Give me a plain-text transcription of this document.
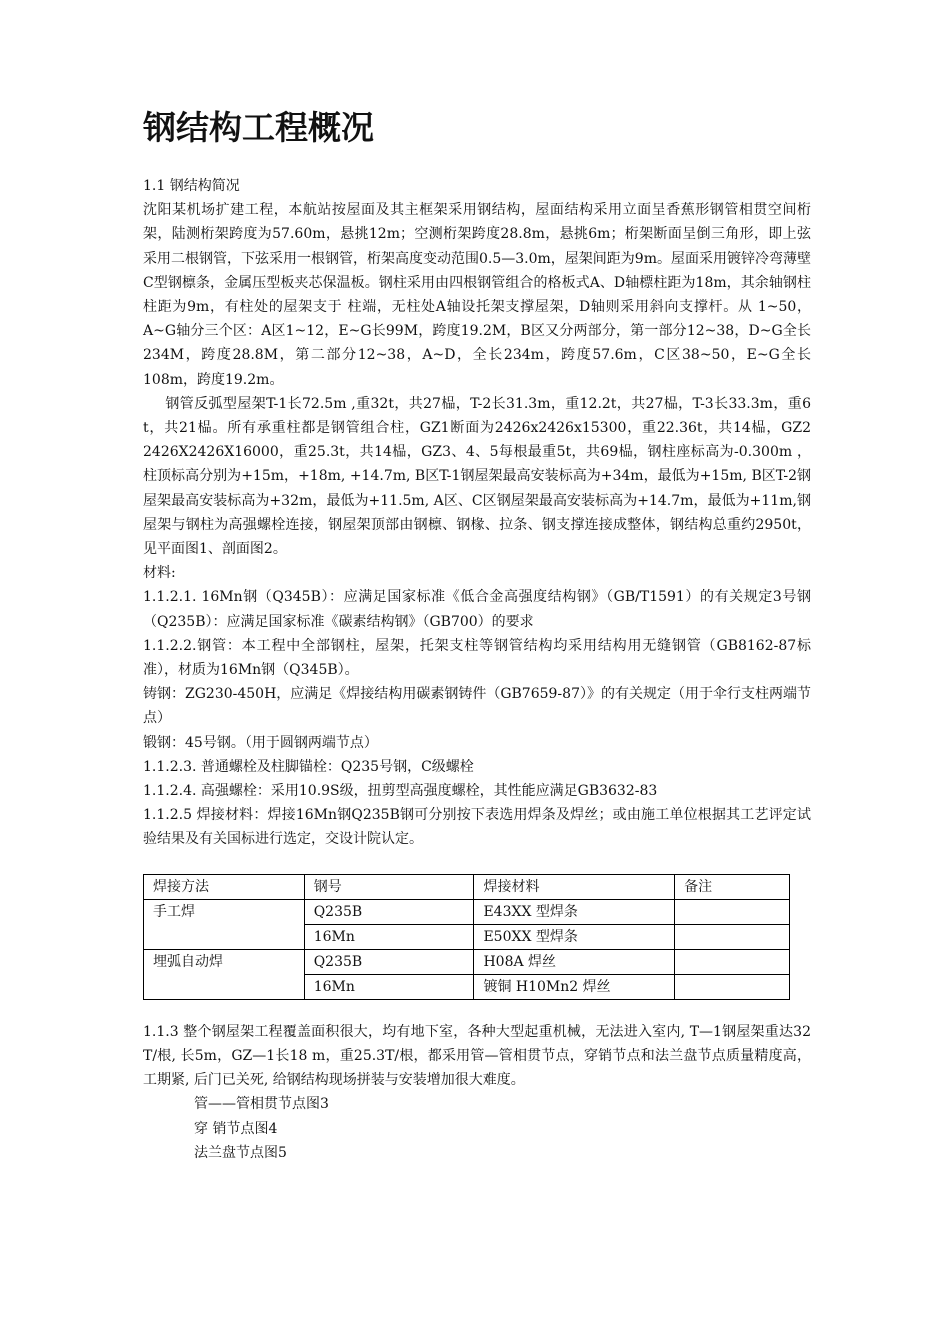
钢结构工程概况

1.1 钢结构简况

沈阳某机场扩建工程，本航站按屋面及其主框架采用钢结构，屋面结构采用立面呈香蕉形钢管相贯空间桁架，陆测桁架跨度为57.60m，悬挑12m；空测桁架跨度28.8m，悬挑6m；桁架断面呈倒三角形，即上弦采用二根钢管，下弦采用一根钢管，桁架高度变动范围0.5—3.0m，屋架间距为9m。屋面采用镀锌冷弯薄壁C型钢檩条，金属压型板夹芯保温板。钢柱采用由四根钢管组合的格板式A、D轴標柱距为18m，其余轴钢柱柱距为9m，有柱处的屋架支于 柱端，无柱处A轴设托架支撑屋架，D轴则采用斜向支撑杆。从 1~50，A~G轴分三个区：A区1~12，E~G长99M，跨度19.2M，B区又分两部分，第一部分12~38，D~G全长234M，跨度28.8M，第二部分12~38，A~D，全长234m，跨度57.6m，C区38~50，E~G全长108m，跨度19.2m。

钢管反弧型屋架T-1长72.5m ,重32t，共27榀，T-2长31.3m，重12.2t，共27榀，T-3长33.3m，重6 t，共21榀。所有承重柱都是钢管组合柱，GZ1断面为2426x2426x15300，重22.36t，共14榀，GZ2 2426X2426X16000，重25.3t，共14榀，GZ3、4、5每根最重5t，共69榀，钢柱座标高为-0.300m ，柱顶标高分别为+15m，+18m, +14.7m, B区T-1钢屋架最高安装标高为+34m，最低为+15m, B区T-2钢屋架最高安装标高为+32m，最低为+11.5m, A区、C区钢屋架最高安装标高为+14.7m，最低为+11m,钢屋架与钢柱为高强螺栓连接，钢屋架顶部由钢檩、钢椽、拉条、钢支撑连接成整体，钢结构总重约2950t，见平面图1、剖面图2。

材料:

1.1.2.1. 16Mn钢（Q345B）：应满足国家标准《低合金高强度结构钢》（GB/T1591）的有关规定3号钢（Q235B）：应满足国家标准《碳素结构钢》（GB700）的要求

1.1.2.2.钢管：本工程中全部钢柱，屋架，托架支柱等钢管结构均采用结构用无缝钢管（GB8162-87标准），材质为16Mn钢（Q345B）。

铸钢：ZG230-450H，应满足《焊接结构用碳素钢铸件（GB7659-87）》的有关规定（用于伞行支柱两端节点）

锻钢：45号钢。（用于圆钢两端节点）

1.1.2.3. 普通螺栓及柱脚锚栓：Q235号钢，C级螺栓

1.1.2.4. 高强螺栓：采用10.9S级，扭剪型高强度螺栓，其性能应满足GB3632-83

1.1.2.5 焊接材料：焊接16Mn钢Q235B钢可分别按下表选用焊条及焊丝；或由施工单位根据其工艺评定试验结果及有关国标进行选定，交设计院认定。

焊接方法	钢号	焊接材料	备注
手工焊	Q235B	E43XX 型焊条	
	16Mn	E50XX 型焊条	
埋弧自动焊	Q235B	H08A 焊丝	
	16Mn	镀铜 H10Mn2 焊丝	

1.1.3 整个钢屋架工程覆盖面积很大，均有地下室，各种大型起重机械，无法进入室内, T—1钢屋架重达32 T/根, 长5m，GZ—1长18 m，重25.3T/根，都采用管—管相贯节点，穿销节点和法兰盘节点质量精度高，工期紧, 后门已关死, 给钢结构现场拼装与安装增加很大难度。

管——管相贯节点图3

穿 销节点图4

法兰盘节点图5
